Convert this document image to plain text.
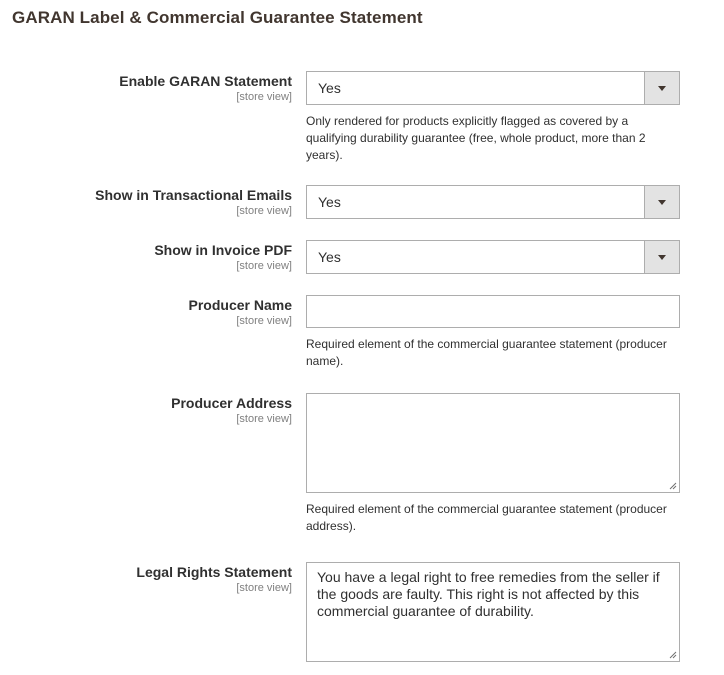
GARAN Label & Commercial Guarantee Statement
Enable GARAN Statement
[store view]
Yes
Only rendered for products explicitly flagged as covered by a qualifying durability guarantee (free, whole product, more than 2 years).
Show in Transactional Emails
[store view]
Yes
Show in Invoice PDF
[store view]
Yes
Producer Name
[store view]
Required element of the commercial guarantee statement (producer name).
Producer Address
[store view]
Required element of the commercial guarantee statement (producer address).
Legal Rights Statement
[store view]
You have a legal right to free remedies from the seller if the goods are faulty. This right is not affected by this commercial guarantee of durability.
